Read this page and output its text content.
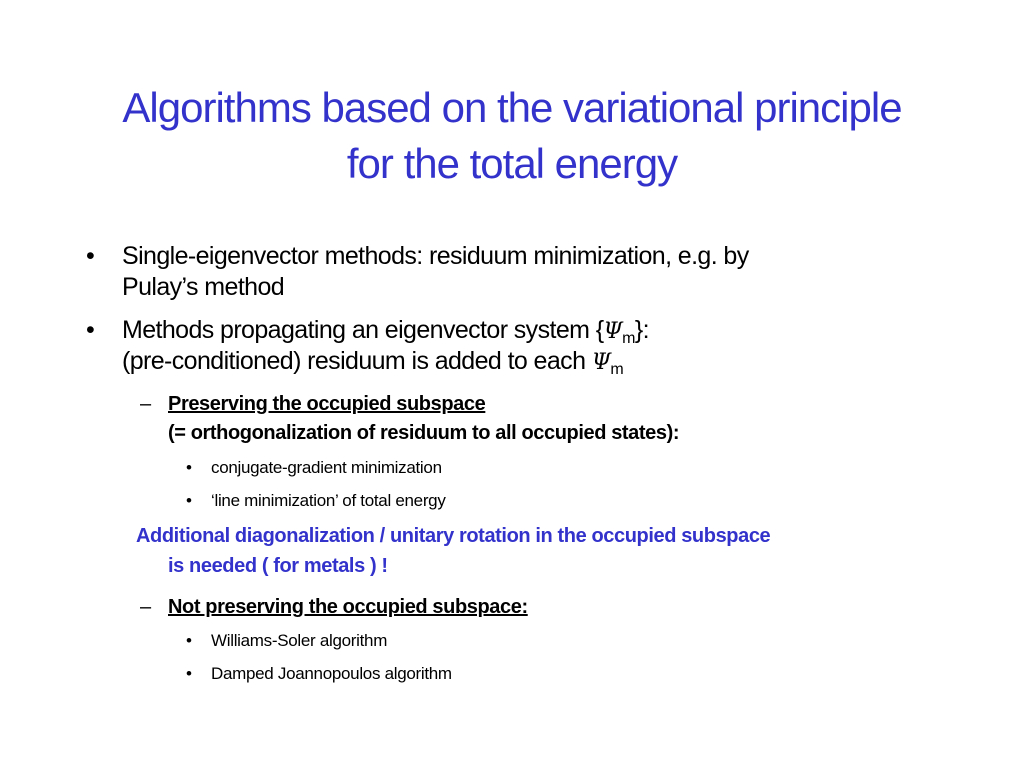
Algorithms based on the variational principle
for the total energy
• Single-eigenvector methods: residuum minimization, e.g. by
Pulay’s method
• Methods propagating an eigenvector system $\{\Psi_m\}$:
(pre-conditioned) residuum is added to each $\Psi_m$
– Preserving the occupied subspace
(= orthogonalization of residuum to all occupied states):
• conjugate-gradient minimization
• ‘line minimization’ of total energy
Additional diagonalization / unitary rotation in the occupied subspace
is needed ( for metals ) !
– Not preserving the occupied subspace:
• Williams-Soler algorithm
• Damped Joannopoulos algorithm
